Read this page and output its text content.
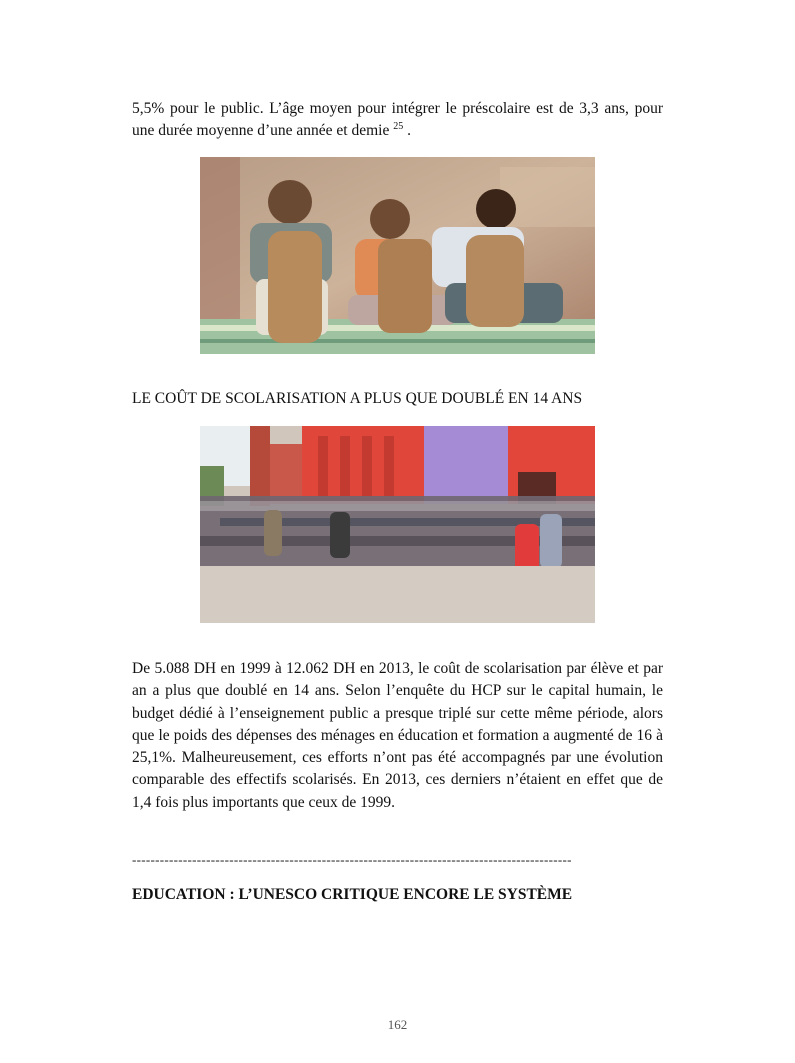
5,5% pour le public. L’âge moyen pour intégrer le préscolaire est de 3,3 ans, pour une durée moyenne d’une année et demie $^{25}$ .
LE COÛT DE SCOLARISATION A PLUS QUE DOUBLÉ EN 14 ANS
De 5.088 DH en 1999 à 12.062 DH en 2013, le coût de scolarisation par élève et par an a plus que doublé en 14 ans. Selon l’enquête du HCP sur le capital humain, le budget dédié à l’enseignement public a presque triplé sur cette même période, alors que le poids des dépenses des ménages en éducation et formation a augmenté de 16 à 25,1%. Malheureusement, ces efforts n’ont pas été accompagnés par une évolution comparable des effectifs scolarisés. En 2013, ces derniers n’étaient en effet que de 1,4 fois plus importants que ceux de 1999.
-----------------------------------------------------------------------------------------------
EDUCATION : L’UNESCO CRITIQUE ENCORE LE SYSTÈME
162
